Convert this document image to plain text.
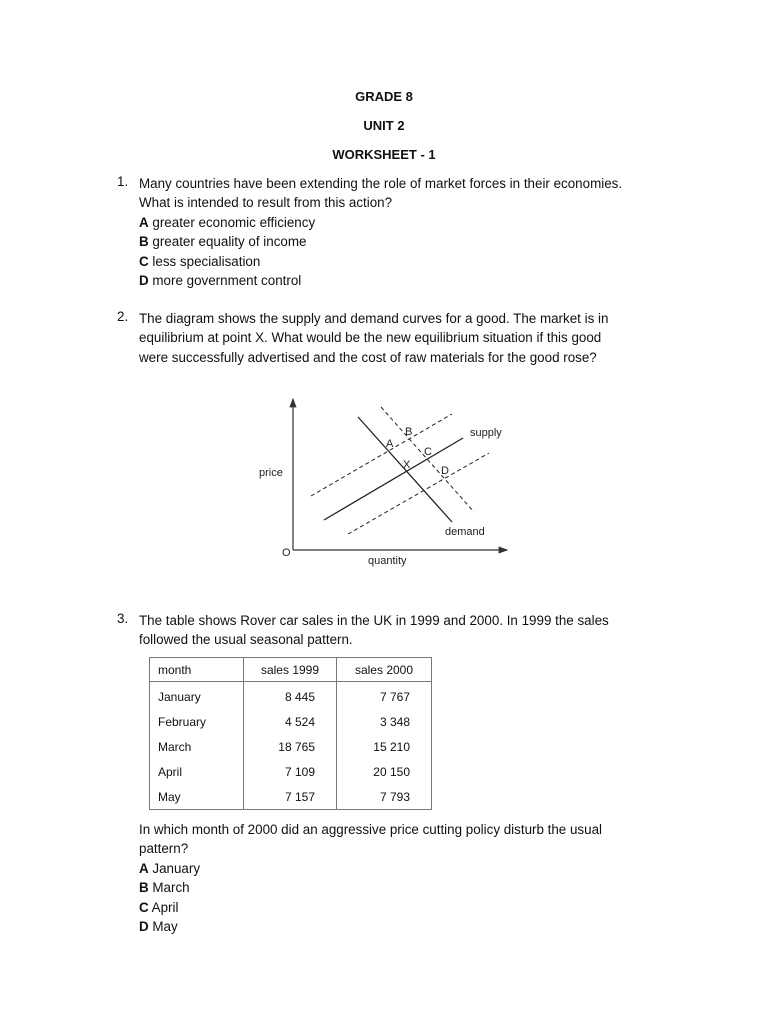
GRADE 8
UNIT 2
WORKSHEET - 1
1. Many countries have been extending the role of market forces in their economies.
What is intended to result from this action?
A greater economic efficiency
B greater equality of income
C less specialisation
D more government control
2. The diagram shows the supply and demand curves for a good. The market is in
equilibrium at point X. What would be the new equilibrium situation if this good
were successfully advertised and the cost of raw materials for the good rose?
price
O
quantity
supply
demand
A
B
C
D
X
3. The table shows Rover car sales in the UK in 1999 and 2000. In 1999 the sales
followed the usual seasonal pattern.
month	sales 1999	sales 2000
January	8 445	7 767
February	4 524	3 348
March	18 765	15 210
April	7 109	20 150
May	7 157	7 793
In which month of 2000 did an aggressive price cutting policy disturb the usual
pattern?
A January
B March
C April
D May
